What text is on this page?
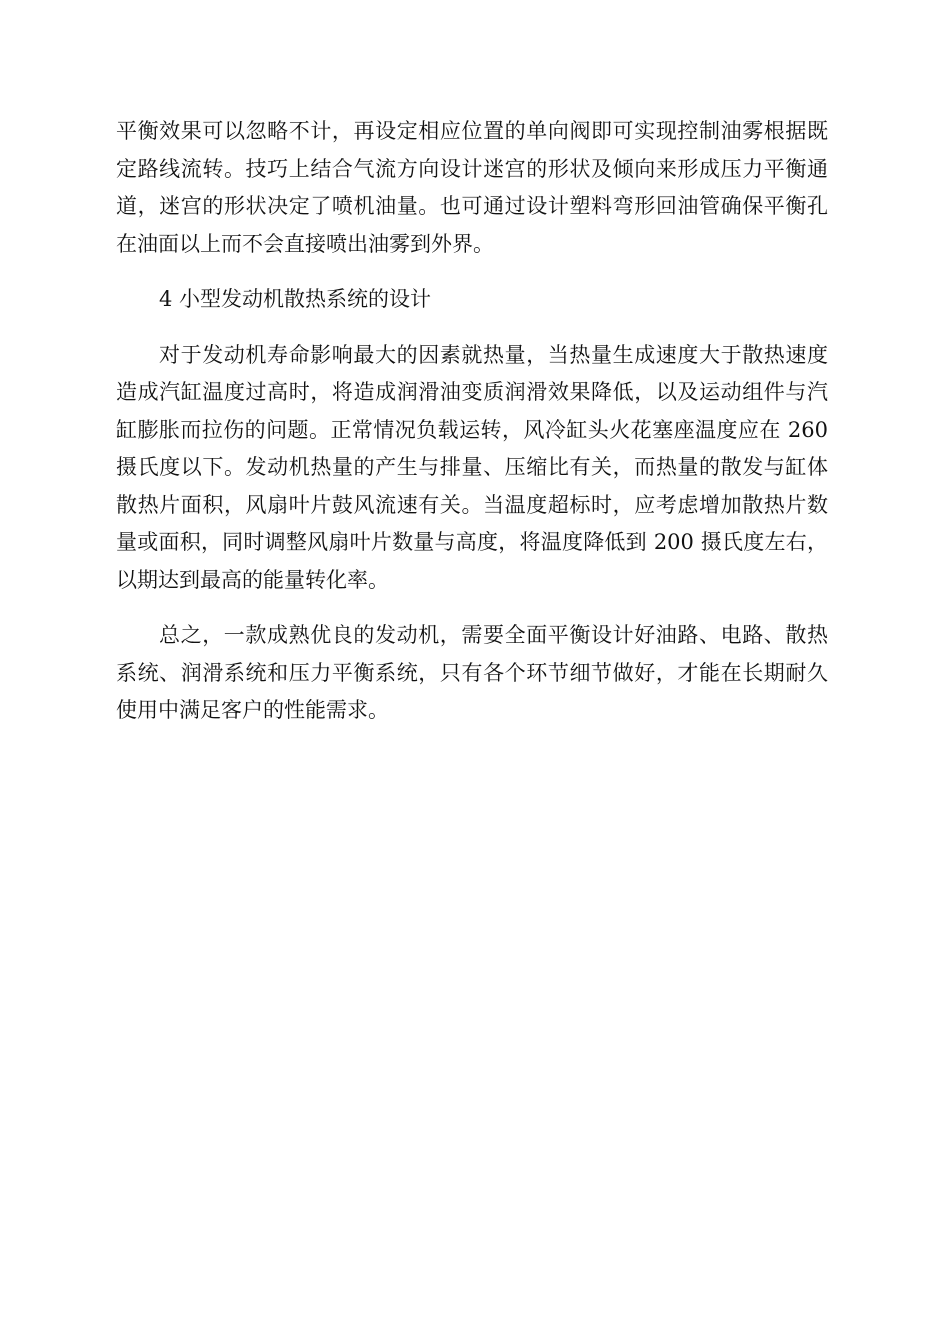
平衡效果可以忽略不计，再设定相应位置的单向阀即可实现控制油雾根据既定路线流转。技巧上结合气流方向设计迷宫的形状及倾向来形成压力平衡通道，迷宫的形状决定了喷机油量。也可通过设计塑料弯形回油管确保平衡孔在油面以上而不会直接喷出油雾到外界。

4 小型发动机散热系统的设计

对于发动机寿命影响最大的因素就热量，当热量生成速度大于散热速度造成汽缸温度过高时，将造成润滑油变质润滑效果降低，以及运动组件与汽缸膨胀而拉伤的问题。正常情况负载运转，风冷缸头火花塞座温度应在 260 摄氏度以下。发动机热量的产生与排量、压缩比有关，而热量的散发与缸体散热片面积，风扇叶片鼓风流速有关。当温度超标时，应考虑增加散热片数量或面积，同时调整风扇叶片数量与高度，将温度降低到 200 摄氏度左右，以期达到最高的能量转化率。

总之，一款成熟优良的发动机，需要全面平衡设计好油路、电路、散热系统、润滑系统和压力平衡系统，只有各个环节细节做好，才能在长期耐久使用中满足客户的性能需求。
